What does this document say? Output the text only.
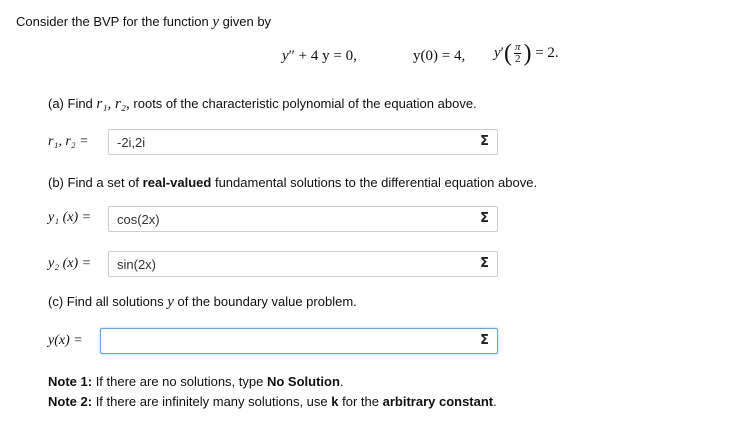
Consider the BVP for the function y given by
y″ + 4 y = 0,	y(0) = 4, $y'( \frac{\pi}{2}$ ) = 2.
(a) Find r₁, r₂, roots of the characteristic polynomial of the equation above.
r₁, r₂ =	-2i,2i	Σ
(b) Find a set of real-valued fundamental solutions to the differential equation above.
y₁ (x) =	cos(2x)	Σ
y₂ (x) =	sin(2x)	Σ
(c) Find all solutions y of the boundary value problem.
y(x) =	Σ
Note 1: If there are no solutions, type No Solution.
Note 2: If there are infinitely many solutions, use k for the arbitrary constant.
